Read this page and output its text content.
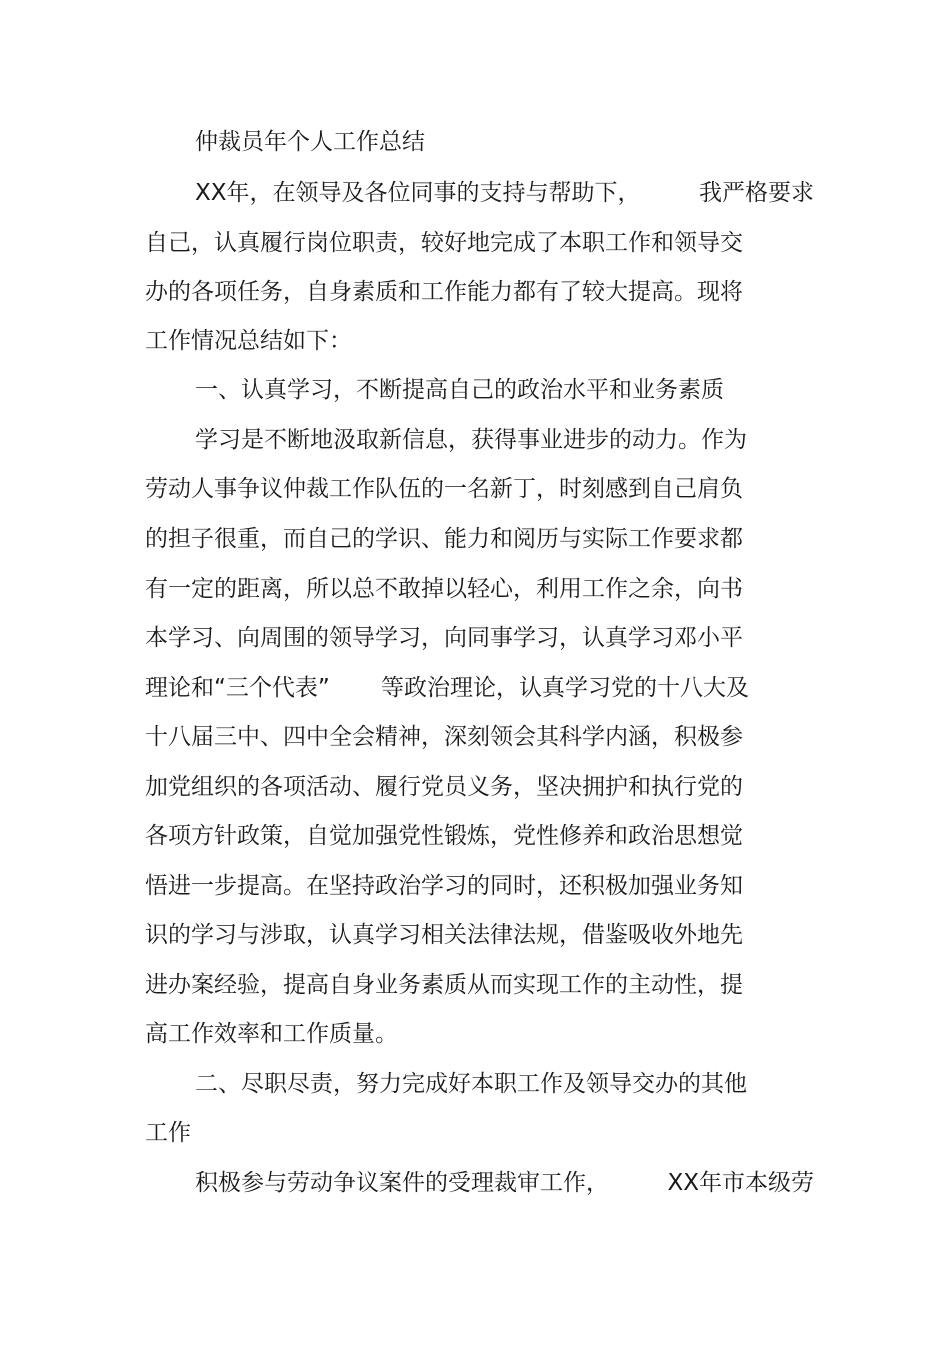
仲裁员年个人工作总结

XX年，在领导及各位同事的支持与帮助下，        我严格要求

自己，认真履行岗位职责，较好地完成了本职工作和领导交

办的各项任务，自身素质和工作能力都有了较大提高。现将

工作情况总结如下：

一、认真学习，不断提高自己的政治水平和业务素质

学习是不断地汲取新信息，获得事业进步的动力。作为

劳动人事争议仲裁工作队伍的一名新丁，时刻感到自己肩负

的担子很重，而自己的学识、能力和阅历与实际工作要求都

有一定的距离，所以总不敢掉以轻心，利用工作之余，向书

本学习、向周围的领导学习，向同事学习，认真学习邓小平

理论和“三个代表”       等政治理论，认真学习党的十八大及

十八届三中、四中全会精神，深刻领会其科学内涵，积极参

加党组织的各项活动、履行党员义务，坚决拥护和执行党的

各项方针政策，自觉加强党性锻炼，党性修养和政治思想觉

悟进一步提高。在坚持政治学习的同时，还积极加强业务知

识的学习与涉取，认真学习相关法律法规，借鉴吸收外地先

进办案经验，提高自身业务素质从而实现工作的主动性，提

高工作效率和工作质量。

二、尽职尽责，努力完成好本职工作及领导交办的其他

工作

积极参与劳动争议案件的受理裁审工作，        XX年市本级劳
